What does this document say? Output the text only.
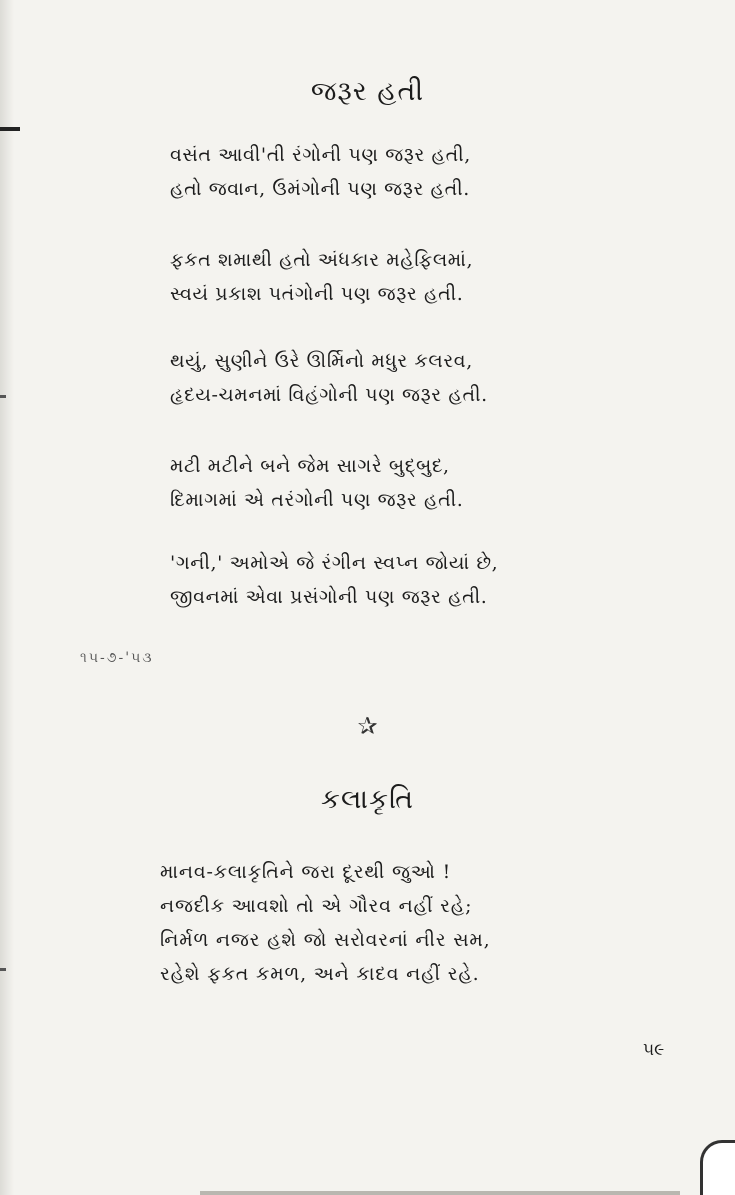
જરૂર હતી
વસંત આવી'તી રંગોની પણ જરૂર હતી,
હતો જવાન, ઉમંગોની પણ જરૂર હતી.
ફકત શમાથી હતો અંધકાર મહેફિલમાં,
સ્વયં પ્રકાશ પતંગોની પણ જરૂર હતી.
થયું, સુણીને ઉરે ઊર્મિનો મધુર કલરવ,
હૃદય-ચમનમાં વિહંગોની પણ જરૂર હતી.
મટી મટીને બને જેમ સાગરે બુદ્બુદ,
દિમાગમાં એ તરંગોની પણ જરૂર હતી.
'ગની,' અમોએ જે રંગીન સ્વપ્ન જોયાં છે,
જીવનમાં એવા પ્રસંગોની પણ જરૂર હતી.
૧૫-૭-'૫૩
✰
કલાકૃતિ
માનવ-કલાકૃતિને જરા દૂરથી જુઓ !
નજદીક આવશો તો એ ગૌરવ નહીં રહે;
નિર્મળ નજર હશે જો સરોવરનાં નીર સમ,
રહેશે ફકત કમળ, અને કાદવ નહીં રહે.
૫૯
